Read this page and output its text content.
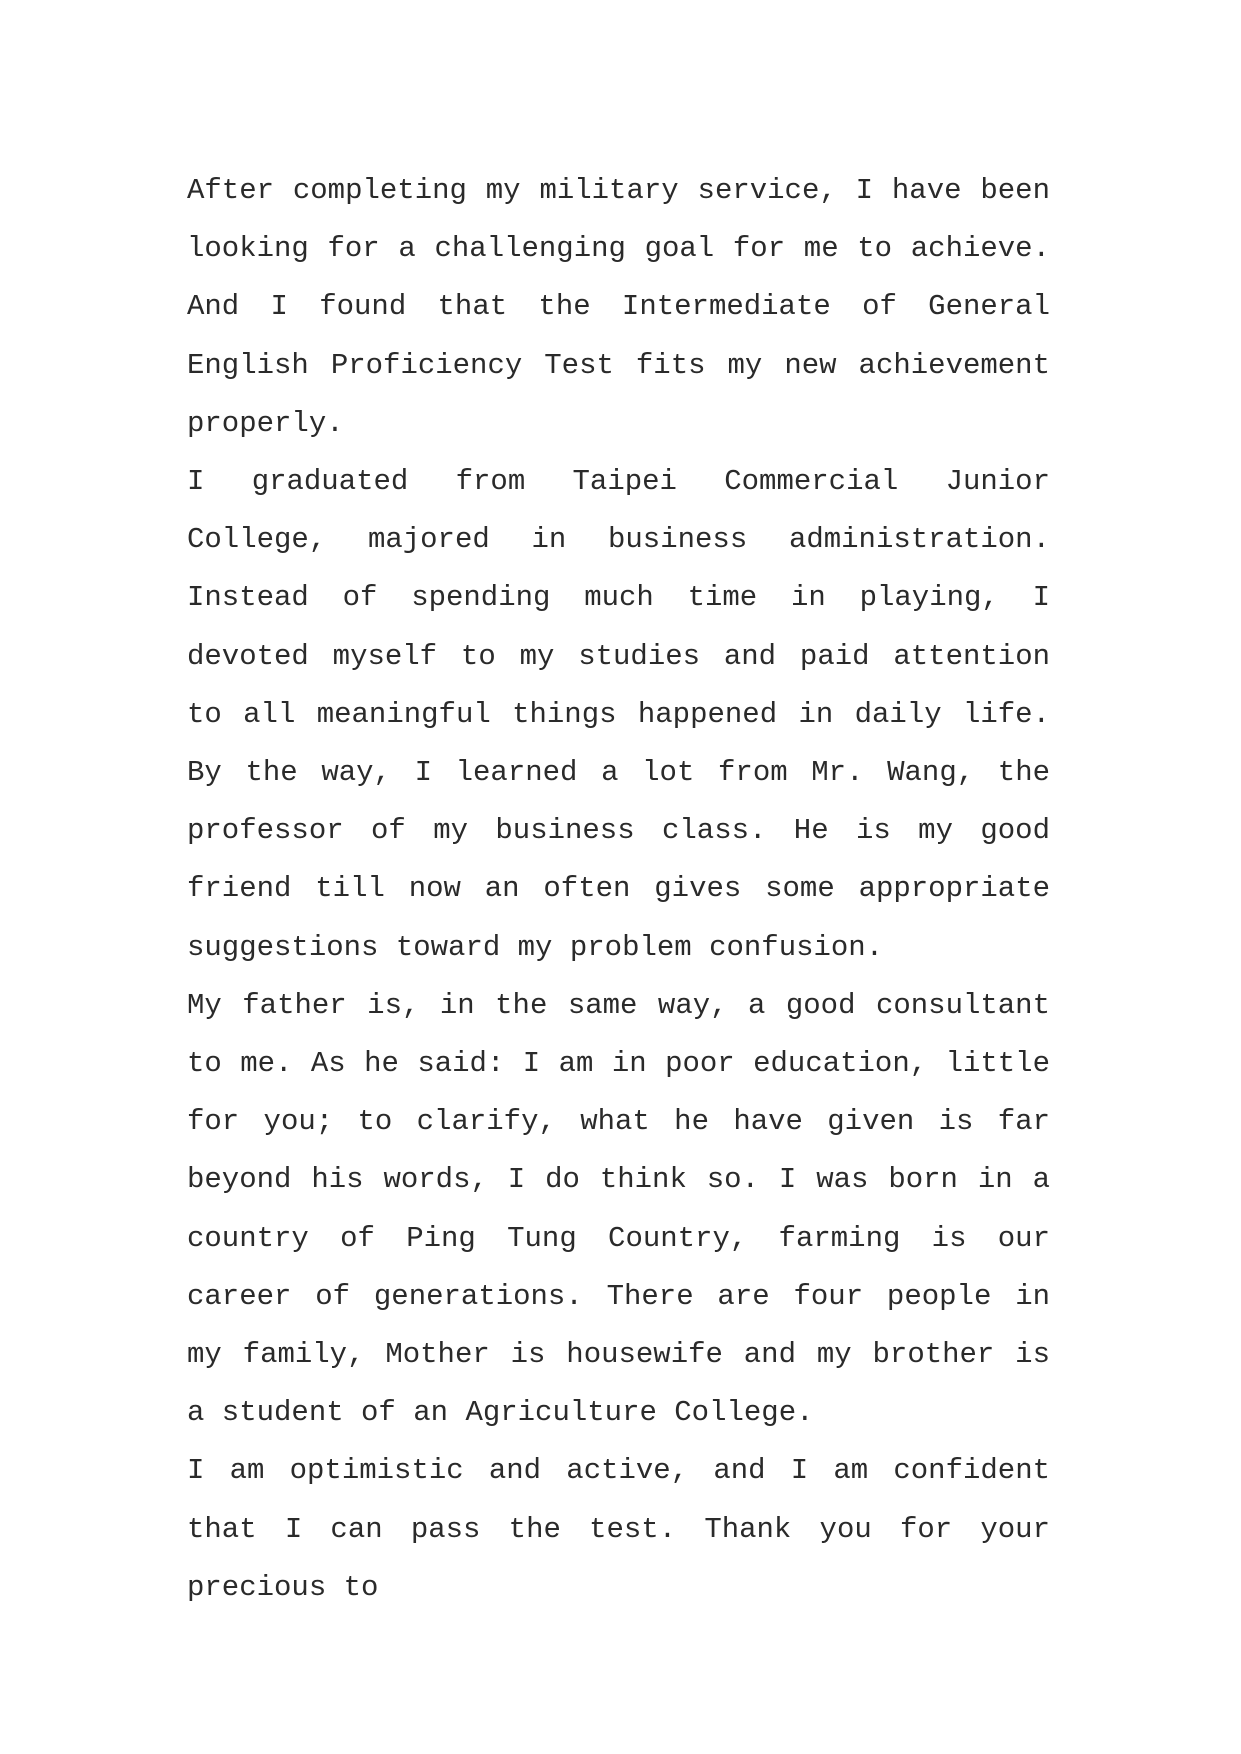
After completing my military service, I have been looking for a challenging goal for me to achieve. And I found that the Intermediate of General English Proficiency Test fits my new achievement properly.

I graduated from Taipei Commercial Junior College, majored in business administration. Instead of spending much time in playing, I devoted myself to my studies and paid attention to all meaningful things happened in daily life. By the way, I learned a lot from Mr. Wang, the professor of my business class. He is my good friend till now an often gives some appropriate suggestions toward my problem confusion.

My father is, in the same way, a good consultant to me. As he said: I am in poor education, little for you; to clarify, what he have given is far beyond his words, I do think so. I was born in a country of Ping Tung Country, farming is our career of generations. There are four people in my family, Mother is housewife and my brother is a student of an Agriculture College.

I am optimistic and active, and I am confident that I can pass the test. Thank you for your precious to
